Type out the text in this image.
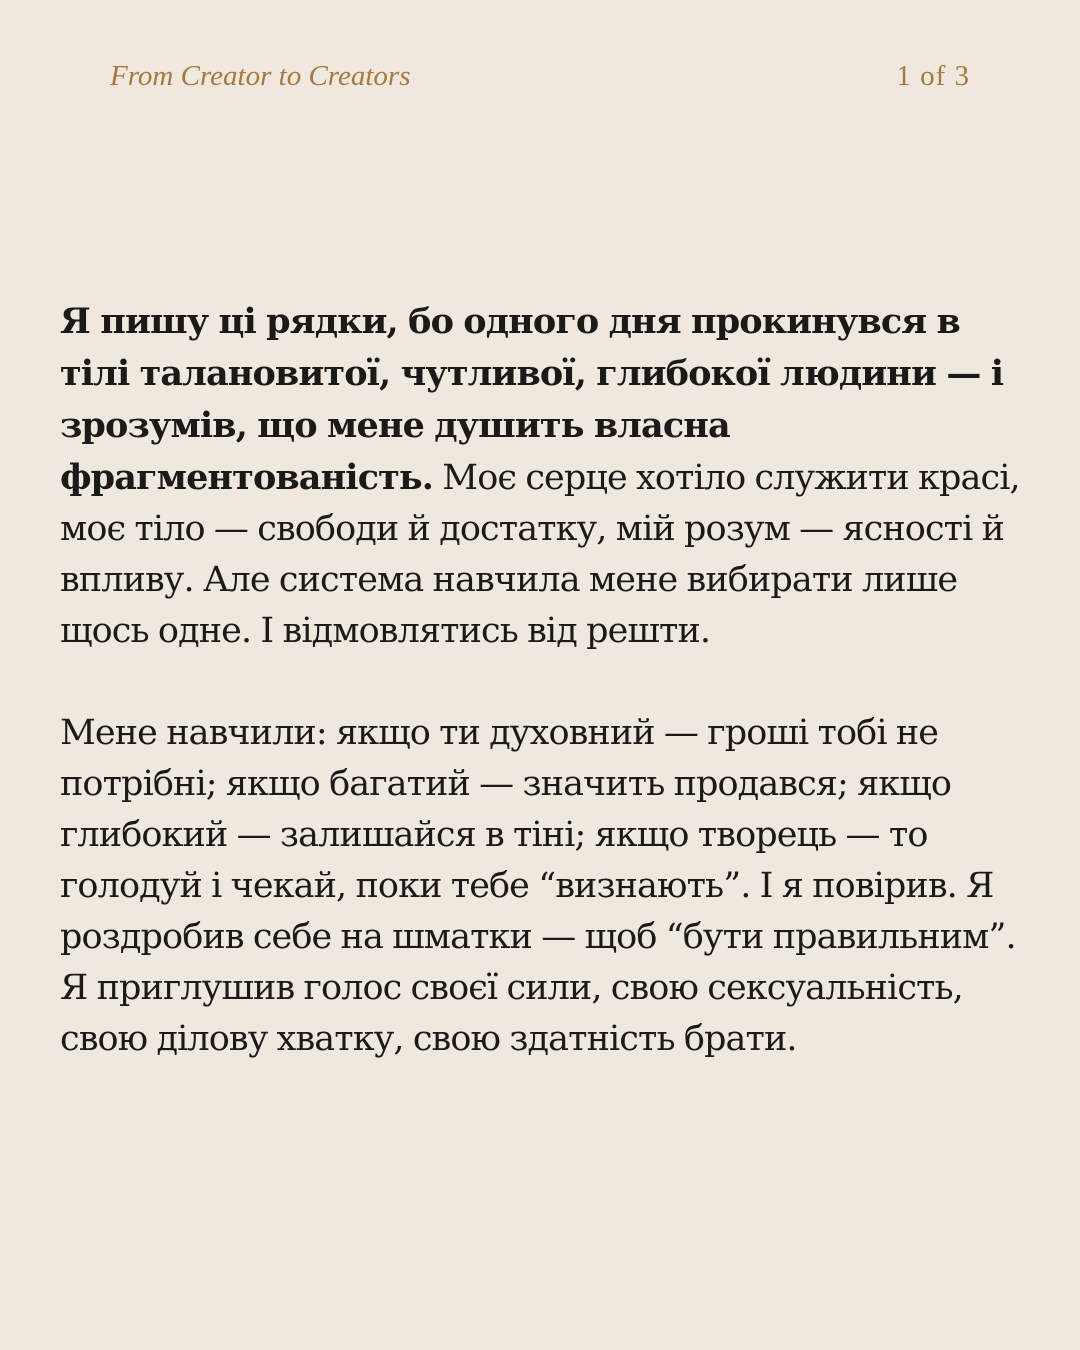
From Creator to Creators	1 of 3

Я пишу ці рядки, бо одного дня прокинувся в тілі талановитої, чутливої, глибокої людини — і зрозумів, що мене душить власна фрагментованість. Моє серце хотіло служити красі, моє тіло — свободи й достатку, мій розум — ясності й впливу. Але система навчила мене вибирати лише щось одне. І відмовлятись від решти.

Мене навчили: якщо ти духовний — гроші тобі не потрібні; якщо багатий — значить продався; якщо глибокий — залишайся в тіні; якщо творець — то голодуй і чекай, поки тебе “визнають”. І я повірив. Я роздробив себе на шматки — щоб “бути правильним”. Я приглушив голос своєї сили, свою сексуальність, свою ділову хватку, свою здатність брати.
